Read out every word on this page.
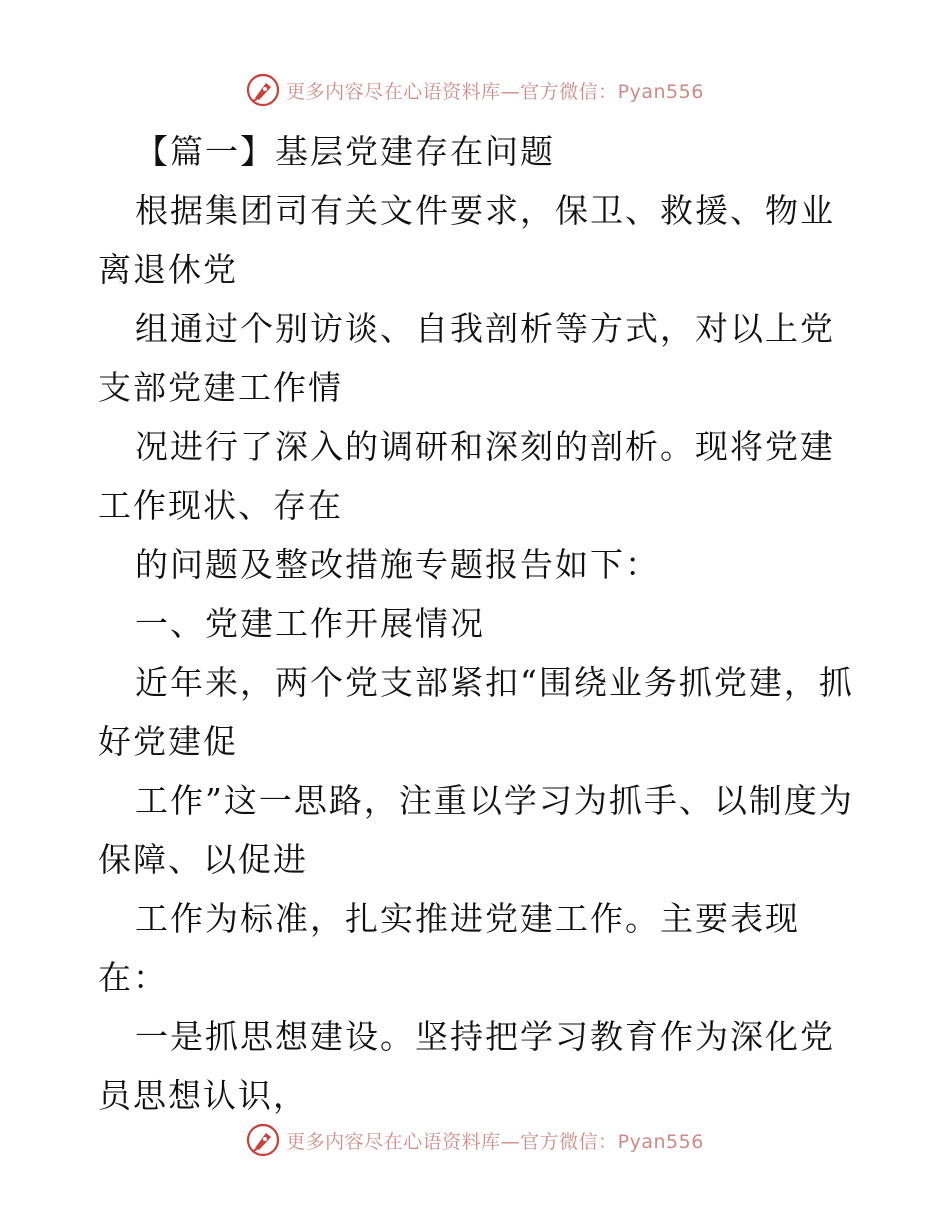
更多内容尽在心语资料库—官方微信：Pyan556

【篇一】基层党建存在问题

根据集团司有关文件要求，保卫、救援、物业离退休党

组通过个别访谈、自我剖析等方式，对以上党支部党建工作情

况进行了深入的调研和深刻的剖析。现将党建工作现状、存在

的问题及整改措施专题报告如下：

一、党建工作开展情况

近年来，两个党支部紧扣“围绕业务抓党建，抓好党建促

工作”这一思路，注重以学习为抓手、以制度为保障、以促进

工作为标准，扎实推进党建工作。主要表现在：

一是抓思想建设。坚持把学习教育作为深化党员思想认识，

更多内容尽在心语资料库—官方微信：Pyan556
